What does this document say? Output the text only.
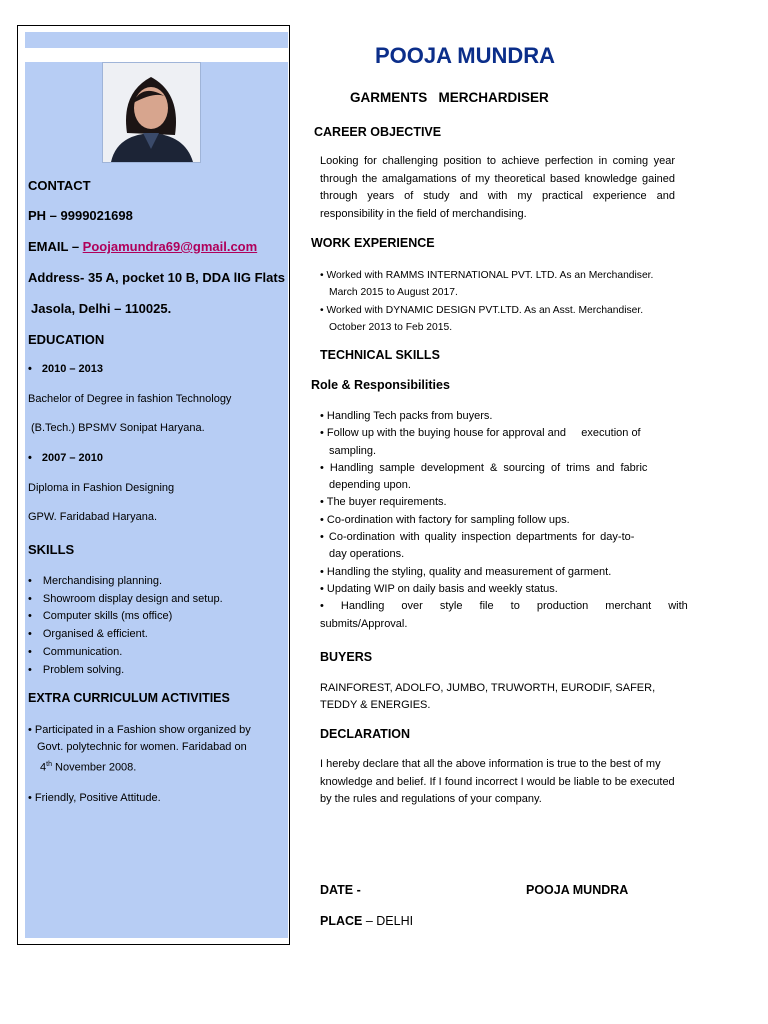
CONTACT
PH – 9999021698
EMAIL – Poojamundra69@gmail.com
Address- 35 A, pocket 10 B, DDA lIG Flats
Jasola, Delhi – 110025.
EDUCATION
• 2010 – 2013
Bachelor of Degree in fashion Technology
(B.Tech.) BPSMV Sonipat Haryana.
• 2007 – 2010
Diploma in Fashion Designing
GPW. Faridabad Haryana.
SKILLS
• Merchandising planning.
• Showroom display design and setup.
• Computer skills (ms office)
• Organised & efficient.
• Communication.
• Problem solving.
EXTRA CURRICULUM ACTIVITIES
• Participated in a Fashion show organized by
Govt. polytechnic for women. Faridabad on
4th November 2008.
• Friendly, Positive Attitude.
POOJA MUNDRA
GARMENTS   MERCHARDISER
CAREER OBJECTIVE
Looking for challenging position to achieve perfection in coming year through the amalgamations of my theoretical based knowledge gained through years of study and with my practical experience and responsibility in the field of merchandising.
WORK EXPERIENCE
• Worked with RAMMS INTERNATIONAL PVT. LTD. As an Merchandiser.
March 2015 to August 2017.
• Worked with DYNAMIC DESIGN PVT.LTD. As an Asst. Merchandiser.
October 2013 to Feb 2015.
TECHNICAL SKILLS
Role & Responsibilities
• Handling Tech packs from buyers.
• Follow up with the buying house for approval and     execution of
sampling.
• Handling sample development & sourcing of trims and fabric
depending upon.
• The buyer requirements.
• Co-ordination with factory for sampling follow ups.
• Co-ordination with quality inspection departments for day-to-
day operations.
• Handling the styling, quality and measurement of garment.
• Updating WIP on daily basis and weekly status.
• Handling over style file to production merchant with
submits/Approval.
BUYERS
RAINFOREST, ADOLFO, JUMBO, TRUWORTH, EURODIF, SAFER,
TEDDY & ENERGIES.
DECLARATION
I hereby declare that all the above information is true to the best of my knowledge and belief. If I found incorrect I would be liable to be executed by the rules and regulations of your company.
DATE -	POOJA MUNDRA
PLACE – DELHI
